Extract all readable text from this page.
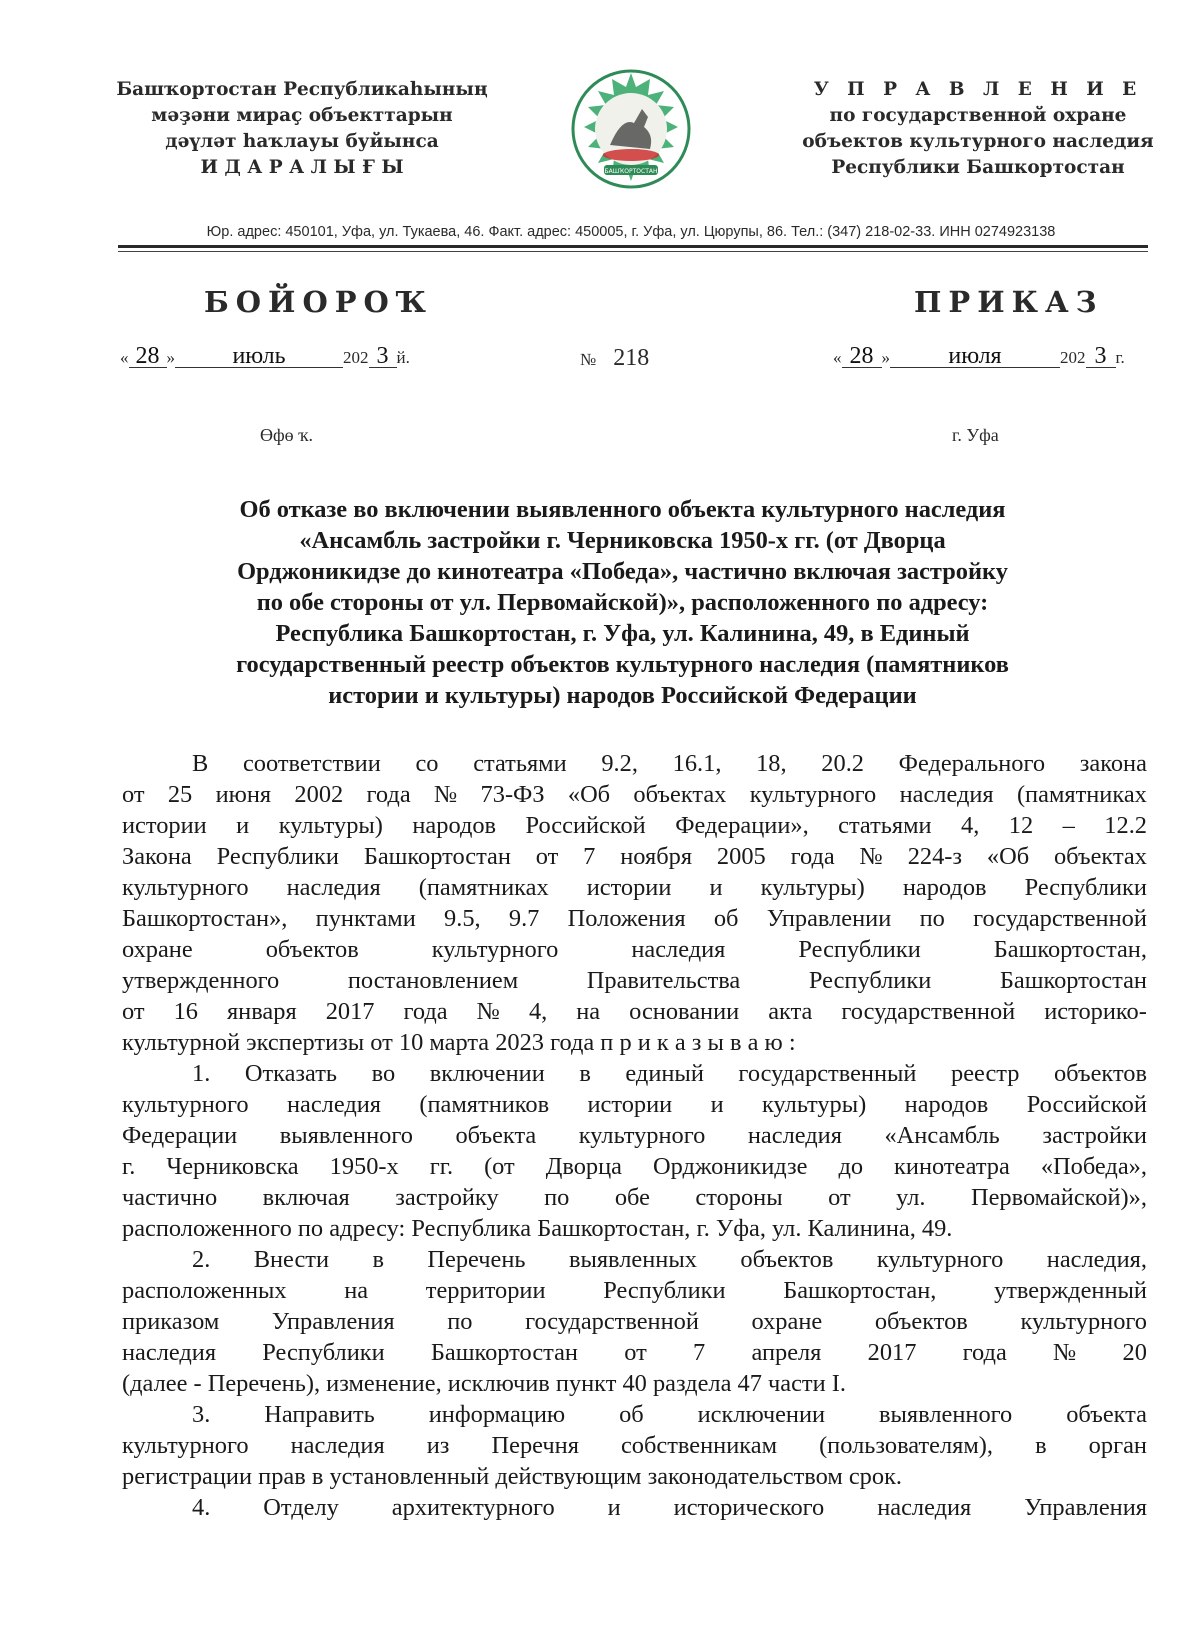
Башҡортостан Республикаһының
мәҙәни мираҫ объекттарын
дәүләт һаҡлауы буйынса
И Д А Р А Л Ы Ғ Ы	БАШҠОРТОСТАН
У П Р А В Л Е Н И Е
по государственной охране
объектов культурного наследия
Республики Башкортостан
Юр. адрес: 450101, Уфа, ул. Тукаева, 46. Факт. адрес: 450005, г. Уфа, ул. Цюрупы, 86. Тел.: (347) 218-02-33. ИНН 0274923138
БОЙОРОҠ	ПРИКАЗ
« 28 » июль	202 3 й.	№ 218	« 28 » июля	202 3 г.
Өфө ҡ.	г. Уфа
Об отказе во включении выявленного объекта культурного наследия
«Ансамбль застройки г. Черниковска 1950-х гг. (от Дворца
Орджоникидзе до кинотеатра «Победа», частично включая застройку
по обе стороны от ул. Первомайской)», расположенного по адресу:
Республика Башкортостан, г. Уфа, ул. Калинина, 49, в Единый
государственный реестр объектов культурного наследия (памятников
истории и культуры) народов Российской Федерации
В соответствии со статьями 9.2, 16.1, 18, 20.2 Федерального закона
от 25 июня 2002 года № 73-ФЗ «Об объектах культурного наследия (памятниках
истории и культуры) народов Российской Федерации», статьями 4, 12 – 12.2
Закона Республики Башкортостан от 7 ноября 2005 года № 224-з «Об объектах
культурного наследия (памятниках истории и культуры) народов Республики
Башкортостан», пунктами 9.5, 9.7 Положения об Управлении по государственной
охране	объектов	культурного	наследия	Республики	Башкортостан,
утвержденного	постановлением	Правительства	Республики	Башкортостан
от 16 января 2017 года № 4, на основании акта государственной историко-
культурной экспертизы от 10 марта 2023 года п р и к а з ы в а ю :
1. Отказать во включении в единый государственный реестр объектов
культурного наследия (памятников истории и культуры) народов Российской
Федерации выявленного объекта культурного наследия «Ансамбль застройки
г. Черниковска 1950-х гг. (от Дворца Орджоникидзе до кинотеатра «Победа»,
частично включая застройку по обе стороны от ул. Первомайской)»,
расположенного по адресу: Республика Башкортостан, г. Уфа, ул. Калинина, 49.
2. Внести в Перечень выявленных объектов культурного наследия,
расположенных на территории Республики Башкортостан, утвержденный
приказом Управления по государственной охране объектов культурного
наследия Республики Башкортостан от 7 апреля 2017 года № 20
(далее - Перечень), изменение, исключив пункт 40 раздела 47 части I.
3. Направить информацию об исключении выявленного объекта
культурного наследия из Перечня собственникам (пользователям), в орган
регистрации прав в установленный действующим законодательством срок.
4. Отделу архитектурного и исторического наследия Управления
